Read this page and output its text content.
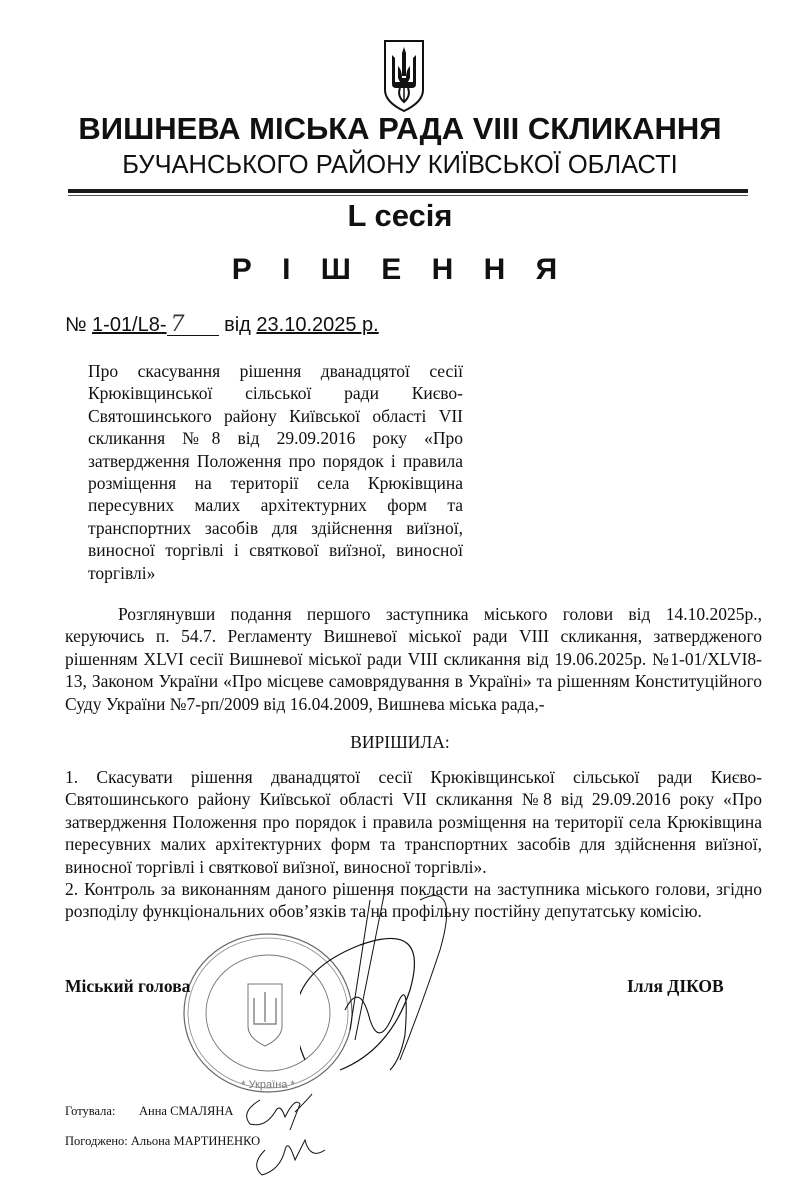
ВИШНЕВА МІСЬКА РАДА VIII СКЛИКАННЯ
БУЧАНСЬКОГО РАЙОНУ КИЇВСЬКОЇ ОБЛАСТІ
L сесія
Р І Ш Е Н Н Я
№ 1-01/L8- 7 від 23.10.2025 р.

Про скасування рішення дванадцятої сесії Крюківщинської сільської ради Києво-Святошинського району Київської області VII скликання №8 від 29.09.2016 року «Про затвердження Положення про порядок і правила розміщення на території села Крюківщина пересувних малих архітектурних форм та транспортних засобів для здійснення виїзної, виносної торгівлі і святкової виїзної, виносної торгівлі»

Розглянувши подання першого заступника міського голови від 14.10.2025р., керуючись п. 54.7. Регламенту Вишневої міської ради VIII скликання, затвердженого рішенням XLVI сесії Вишневої міської ради VIII скликання від 19.06.2025р. №1-01/XLVI8-13, Законом України «Про місцеве самоврядування в Україні» та рішенням Конституційного Суду України №7-рп/2009 від 16.04.2009, Вишнева міська рада,-

ВИРІШИЛА:

1. Скасувати рішення дванадцятої сесії Крюківщинської сільської ради Києво-Святошинського району Київської області VII скликання №8 від 29.09.2016 року «Про затвердження Положення про порядок і правила розміщення на території села Крюківщина пересувних малих архітектурних форм та транспортних засобів для здійснення виїзної, виносної торгівлі і святкової виїзної, виносної торгівлі».

2. Контроль за виконанням даного рішення покласти на заступника міського голови, згідно розподілу функціональних обов’язків та на профільну постійну депутатську комісію.

* Україна *
Міський голова	Ілля ДІКОВ
Готувала: Анна СМАЛЯНА
Погоджено: Альона МАРТИНЕНКО
